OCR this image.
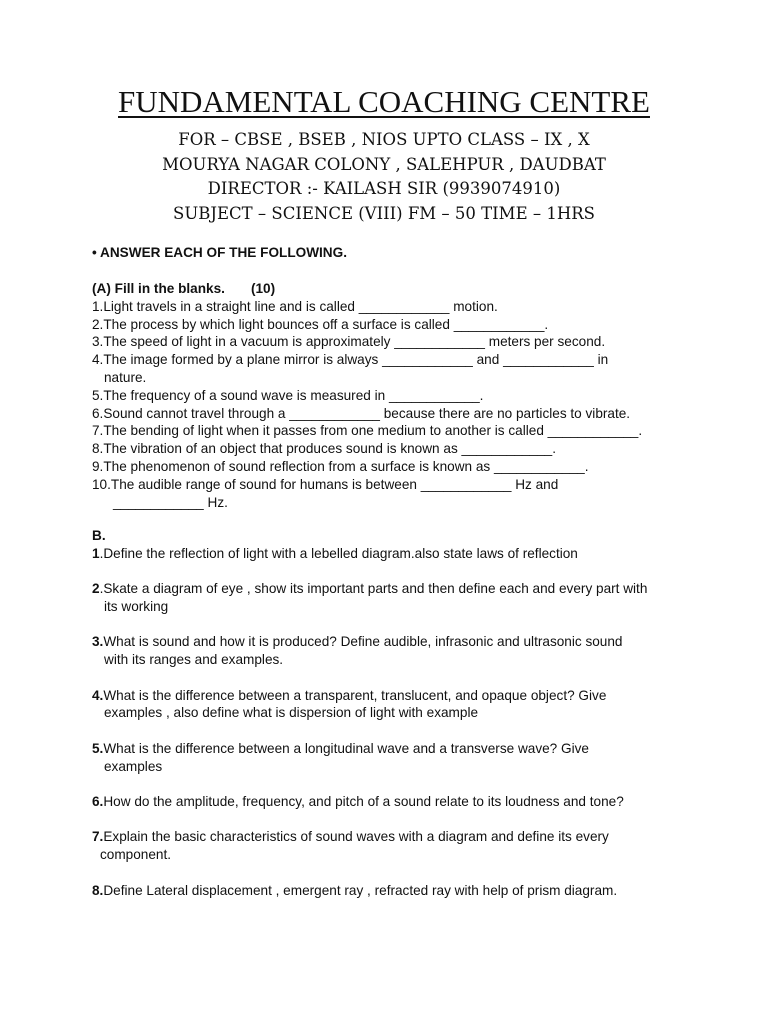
FUNDAMENTAL COACHING CENTRE
FOR – CBSE , BSEB , NIOS UPTO CLASS – IX , X
MOURYA NAGAR COLONY , SALEHPUR , DAUDBAT
DIRECTOR :- KAILASH SIR (9939074910)
SUBJECT – SCIENCE (VIII) FM – 50 TIME – 1HRS
• ANSWER EACH OF THE FOLLOWING.
(A) Fill in the blanks. (10)
1.Light travels in a straight line and is called ____________ motion.
2.The process by which light bounces off a surface is called ____________.
3.The speed of light in a vacuum is approximately ____________ meters per second.
4.The image formed by a plane mirror is always ____________ and ____________ in
nature.
5.The frequency of a sound wave is measured in ____________.
6.Sound cannot travel through a ____________ because there are no particles to vibrate.
7.The bending of light when it passes from one medium to another is called ____________.
8.The vibration of an object that produces sound is known as ____________.
9.The phenomenon of sound reflection from a surface is known as ____________.
10.The audible range of sound for humans is between ____________ Hz and
____________ Hz.
B.
1.Define the reflection of light with a lebelled diagram.also state laws of reflection
2.Skate a diagram of eye , show its important parts and then define each and every part with
its working
3.What is sound and how it is produced? Define audible, infrasonic and ultrasonic sound
with its ranges and examples.
4.What is the difference between a transparent, translucent, and opaque object? Give
examples , also define what is dispersion of light with example
5.What is the difference between a longitudinal wave and a transverse wave? Give
examples
6.How do the amplitude, frequency, and pitch of a sound relate to its loudness and tone?
7.Explain the basic characteristics of sound waves with a diagram and define its every
component.
8.Define Lateral displacement , emergent ray , refracted ray with help of prism diagram.
